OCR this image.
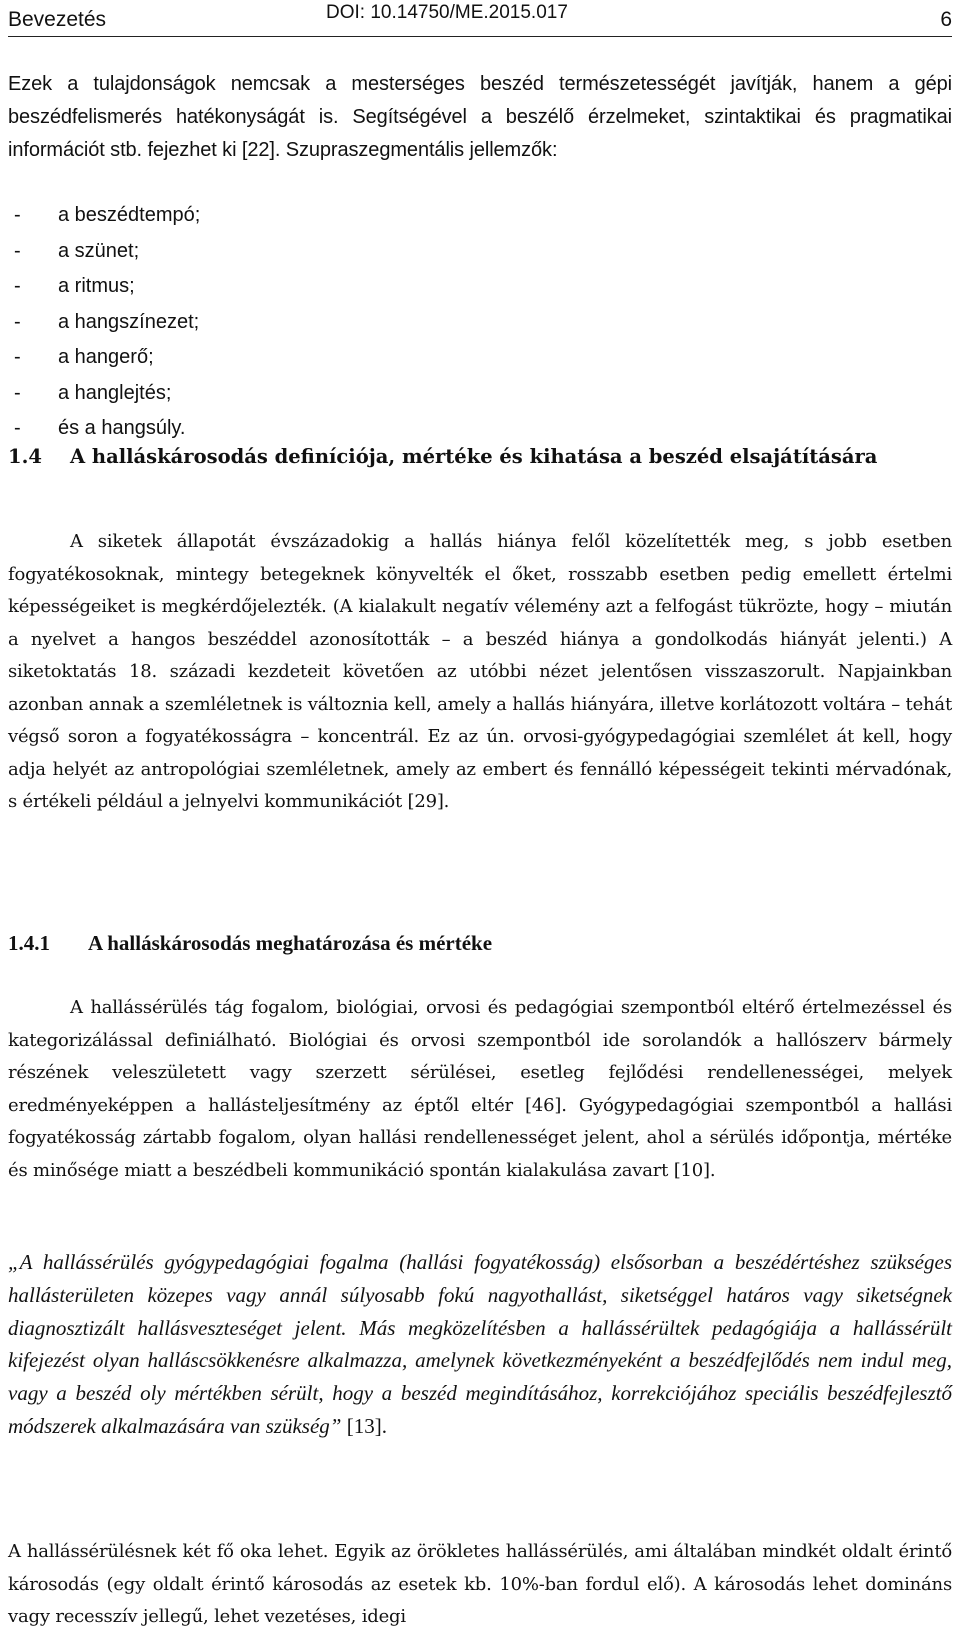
Bevezetés	DOI: 10.14750/ME.2015.017	6

Ezek a tulajdonságok nemcsak a mesterséges beszéd természetességét javítják, hanem a gépi beszédfelismerés hatékonyságát is. Segítségével a beszélő érzelmeket, szintaktikai és pragmatikai információt stb. fejezhet ki [22]. Szupraszegmentális jellemzők:

- a beszédtempó;
- a szünet;
- a ritmus;
- a hangszínezet;
- a hangerő;
- a hanglejtés;
- és a hangsúly.
1.4	A halláskárosodás definíciója, mértéke és kihatása a beszéd elsajátítására

A siketek állapotát évszázadokig a hallás hiánya felől közelítették meg, s jobb esetben fogyatékosoknak, mintegy betegeknek könyvelték el őket, rosszabb esetben pedig emellett értelmi képességeiket is megkérdőjelezték. (A kialakult negatív vélemény azt a felfogást tükrözte, hogy – miután a nyelvet a hangos beszéddel azonosították – a beszéd hiánya a gondolkodás hiányát jelenti.) A siketoktatás 18. századi kezdeteit követően az utóbbi nézet jelentősen visszaszorult. Napjainkban azonban annak a szemléletnek is változnia kell, amely a hallás hiányára, illetve korlátozott voltára – tehát végső soron a fogyatékosságra – koncentrál. Ez az ún. orvosi-gyógypedagógiai szemlélet át kell, hogy adja helyét az antropológiai szemléletnek, amely az embert és fennálló képességeit tekinti mérvadónak, s értékeli például a jelnyelvi kommunikációt [29].

1.4.1 A halláskárosodás meghatározása és mértéke

A hallássérülés tág fogalom, biológiai, orvosi és pedagógiai szempontból eltérő értelmezéssel és kategorizálással definiálható. Biológiai és orvosi szempontból ide sorolandók a hallószerv bármely részének veleszületett vagy szerzett sérülései, esetleg fejlődési rendellenességei, melyek eredményeképpen a hallásteljesítmény az éptől eltér [46]. Gyógypedagógiai szempontból a hallási fogyatékosság zártabb fogalom, olyan hallási rendellenességet jelent, ahol a sérülés időpontja, mértéke és minősége miatt a beszédbeli kommunikáció spontán kialakulása zavart [10].

„A hallássérülés gyógypedagógiai fogalma (hallási fogyatékosság) elsősorban a beszédértéshez szükséges hallásterületen közepes vagy annál súlyosabb fokú nagyothallást, siketséggel határos vagy siketségnek diagnosztizált hallásveszteséget jelent. Más megközelítésben a hallássérültek pedagógiája a hallássérült kifejezést olyan halláscsökkenésre alkalmazza, amelynek következményeként a beszédfejlődés nem indul meg, vagy a beszéd oly mértékben sérült, hogy a beszéd megindításához, korrekciójához speciális beszédfejlesztő módszerek alkalmazására van szükség” [13].

A hallássérülésnek két fő oka lehet. Egyik az örökletes hallássérülés, ami általában mindkét oldalt érintő károsodás (egy oldalt érintő károsodás az esetek kb. 10%-ban fordul elő). A károsodás lehet domináns vagy recesszív jellegű, lehet vezetéses, idegi
